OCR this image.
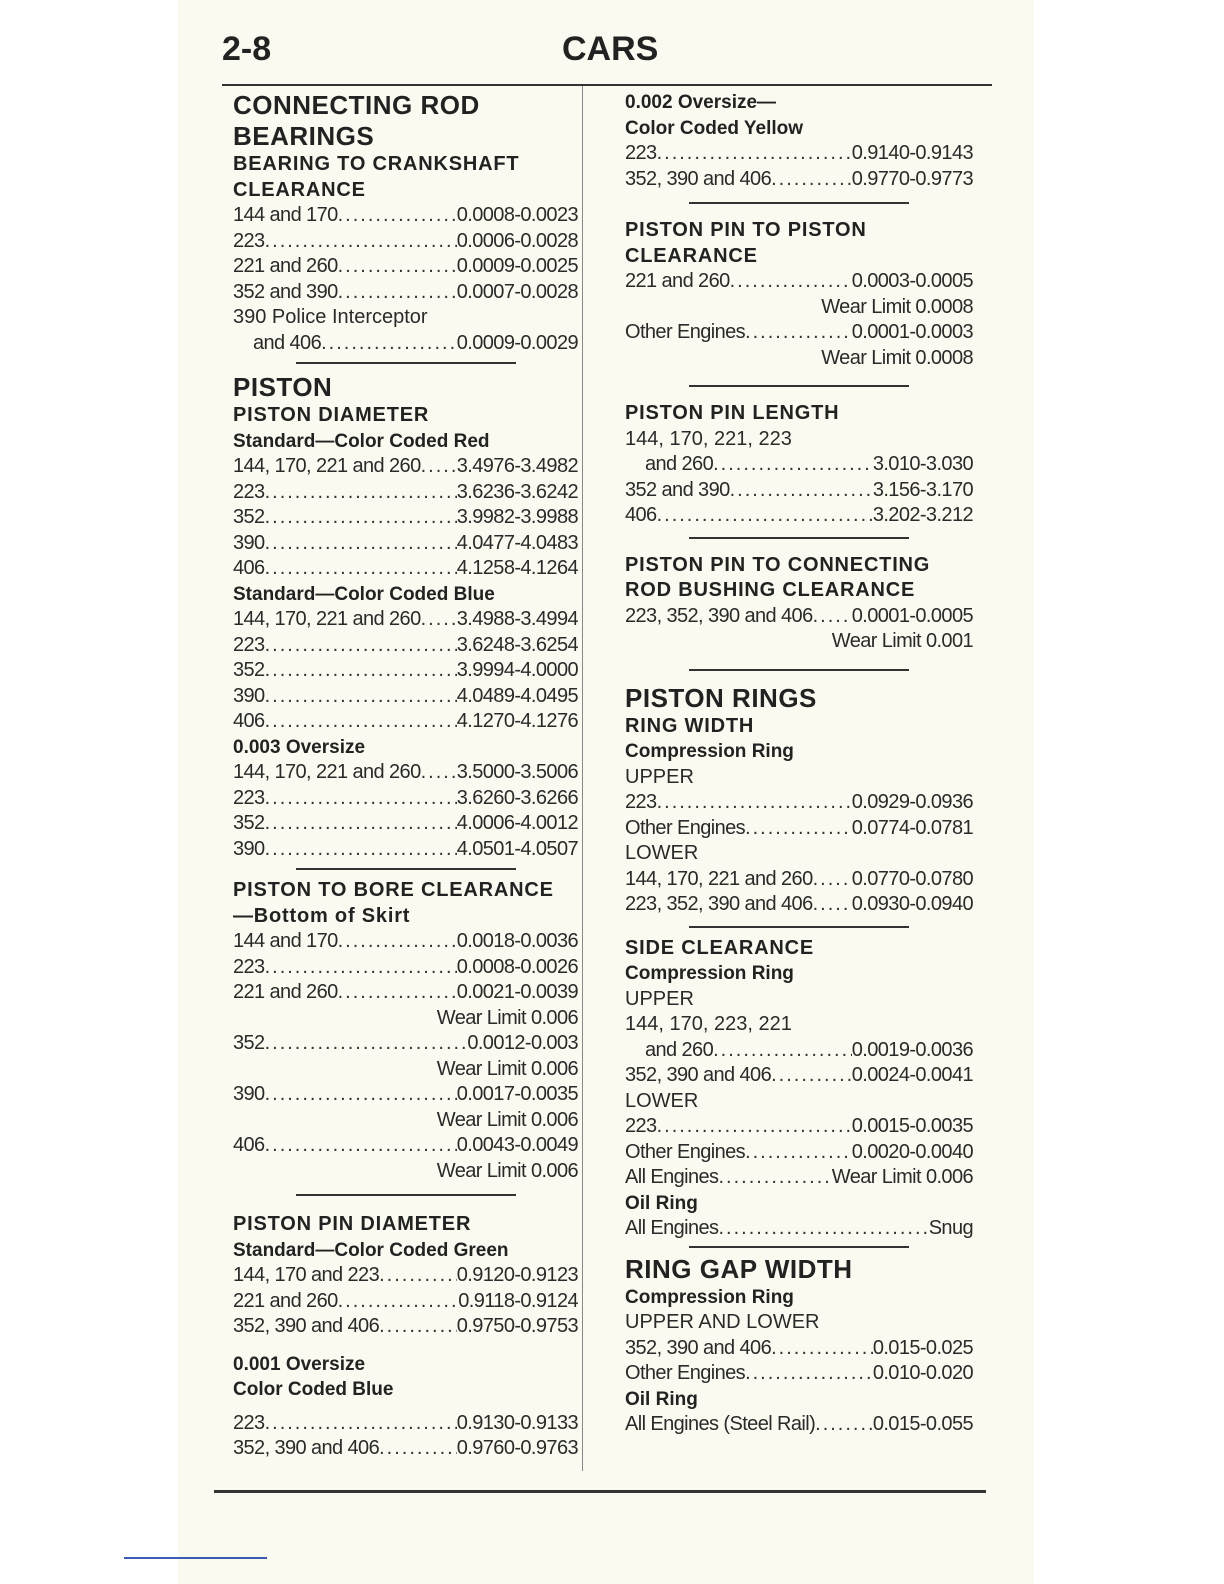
2-8	CARS
CONNECTING ROD
BEARINGS
BEARING TO CRANKSHAFT
CLEARANCE
144 and 170 .....	0.0008-0.0023
223 .....	0.0006-0.0028
221 and 260 .....	0.0009-0.0025
352 and 390 .....	0.0007-0.0028
390 Police Interceptor
and 406 .....	0.0009-0.0029
PISTON
PISTON DIAMETER
Standard—Color Coded Red
144, 170, 221 and 260 ..... 3.4976-3.4982
223 .....	3.6236-3.6242
352 .....	3.9982-3.9988
390 .....	4.0477-4.0483
406 .....	4.1258-4.1264
Standard—Color Coded Blue
144, 170, 221 and 260 ..... 3.4988-3.4994
223 .....	3.6248-3.6254
352 .....	3.9994-4.0000
390 .....	4.0489-4.0495
406 .....	4.1270-4.1276
0.003 Oversize
144, 170, 221 and 260 ..... 3.5000-3.5006
223 .....	3.6260-3.6266
352 .....	4.0006-4.0012
390 .....	4.0501-4.0507
PISTON TO BORE CLEARANCE
—Bottom of Skirt
144 and 170 .....	0.0018-0.0036
223 .....	0.0008-0.0026
221 and 260 .....	0.0021-0.0039
Wear Limit 0.006
352 .....	0.0012-0.003
Wear Limit 0.006
390 .....	0.0017-0.0035
Wear Limit 0.006
406 .....	0.0043-0.0049
Wear Limit 0.006
PISTON PIN DIAMETER
Standard—Color Coded Green
144, 170 and 223 .....	0.9120-0.9123
221 and 260 .....	0.9118-0.9124
352, 390 and 406 .....	0.9750-0.9753
0.001 Oversize
Color Coded Blue
223 .....	0.9130-0.9133
352, 390 and 406 .....	0.9760-0.9763
0.002 Oversize—
Color Coded Yellow
223 .....	0.9140-0.9143
352, 390 and 406 .....	0.9770-0.9773
PISTON PIN TO PISTON
CLEARANCE
221 and 260 .....	0.0003-0.0005
Wear Limit 0.0008
Other Engines .....	0.0001-0.0003
Wear Limit 0.0008
PISTON PIN LENGTH
144, 170, 221, 223
and 260 .....	3.010-3.030
352 and 390 .....	3.156-3.170
406 .....	3.202-3.212
PISTON PIN TO CONNECTING
ROD BUSHING CLEARANCE
223, 352, 390 and 406 ..... 0.0001-0.0005
Wear Limit 0.001
PISTON RINGS
RING WIDTH
Compression Ring
UPPER
223 .....	0.0929-0.0936
Other Engines .....	0.0774-0.0781
LOWER
144, 170, 221 and 260 ..... 0.0770-0.0780
223, 352, 390 and 406 ..... 0.0930-0.0940
SIDE CLEARANCE
Compression Ring
UPPER
144, 170, 223, 221
and 260 .....	0.0019-0.0036
352, 390 and 406 .....	0.0024-0.0041
LOWER
223 .....	0.0015-0.0035
Other Engines .....	0.0020-0.0040
All Engines .....	Wear Limit 0.006
Oil Ring
All Engines .....	Snug
RING GAP WIDTH
Compression Ring
UPPER AND LOWER
352, 390 and 406 .....	0.015-0.025
Other Engines .....	0.010-0.020
Oil Ring
All Engines (Steel Rail) .....	0.015-0.055
